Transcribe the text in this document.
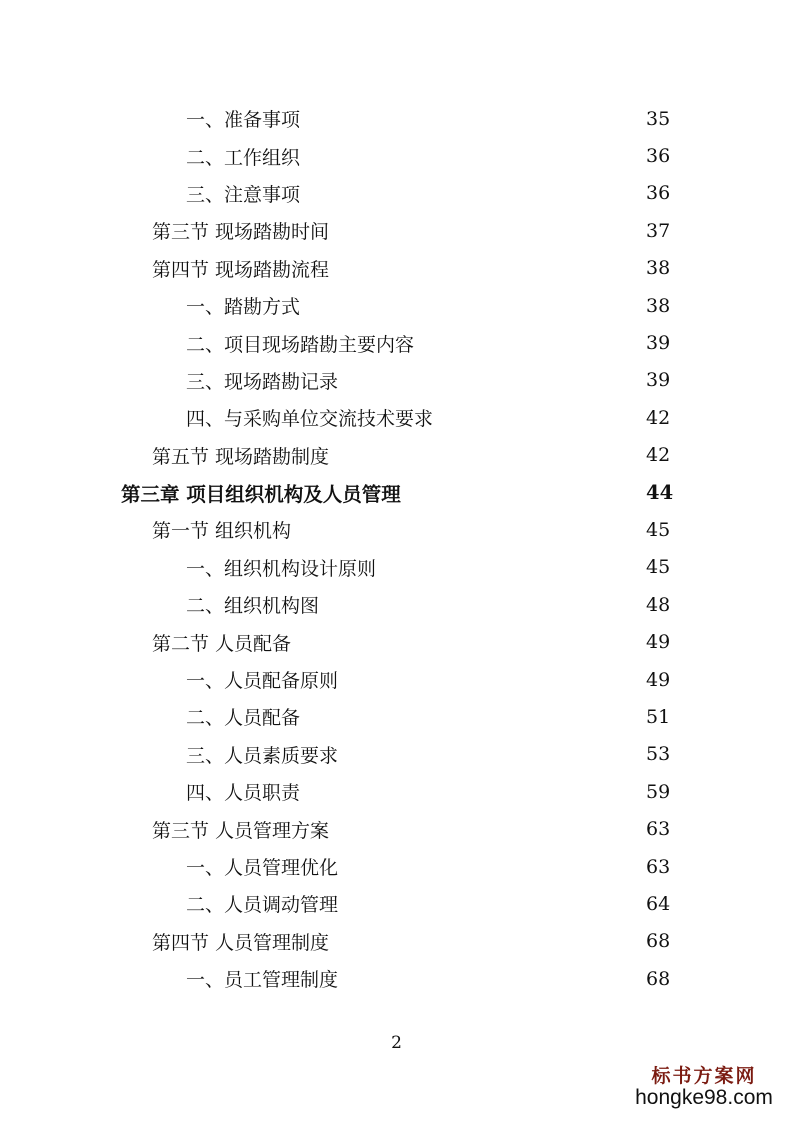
一、准备事项	35
二、工作组织	36
三、注意事项	36
第三节 现场踏勘时间	37
第四节 现场踏勘流程	38
一、踏勘方式	38
二、项目现场踏勘主要内容	39
三、现场踏勘记录	39
四、与采购单位交流技术要求	42
第五节 现场踏勘制度	42
第三章 项目组织机构及人员管理	44
第一节 组织机构	45
一、组织机构设计原则	45
二、组织机构图	48
第二节 人员配备	49
一、人员配备原则	49
二、人员配备	51
三、人员素质要求	53
四、人员职责	59
第三节 人员管理方案	63
一、人员管理优化	63
二、人员调动管理	64
第四节 人员管理制度	68
一、员工管理制度	68
2
标书方案网
hongke98.com
